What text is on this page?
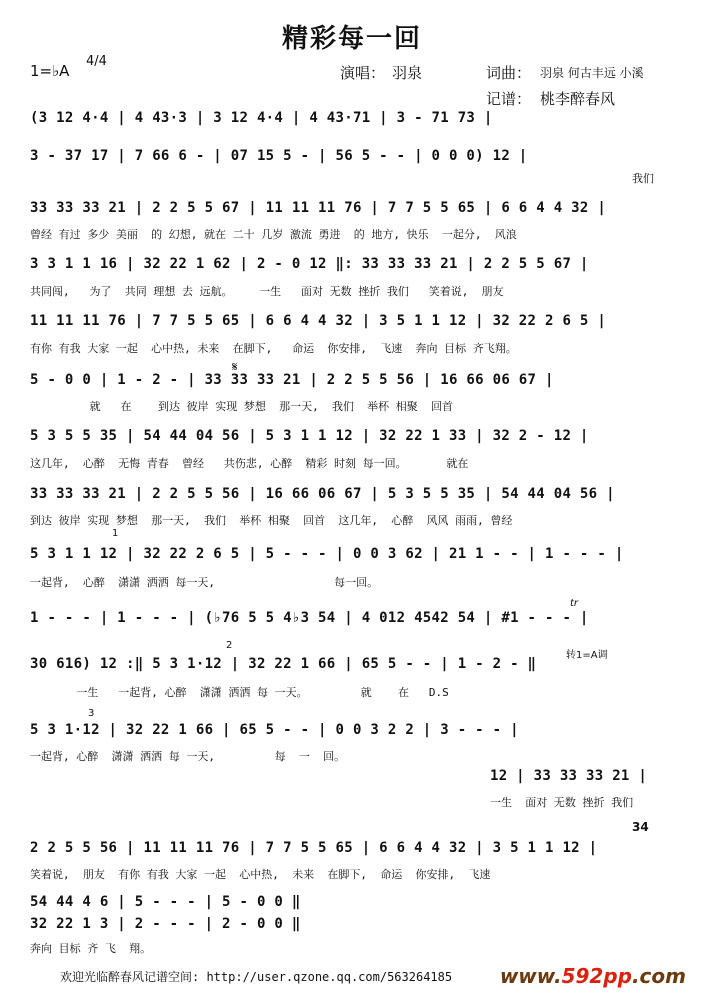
精彩每一回
1=♭A
4/4
演唱： 羽泉	词曲： 羽泉 何古丰远 小溪
记谱： 桃李醉春风
(3 12 4·4 | 4 43·3 | 3 12 4·4 | 4 43·71 | 3 - 71 73 |
3 - 37 17 | 7 66 6 - | 07 15 5 - | 56 5 - - | 0 0 0) 12 |
我们
33 33 33 21 | 2 2 5 5 67 | 11 11 11 76 | 7 7 5 5 65 | 6 6 4 4 32 |
曾经 有过 多少 美丽  的 幻想, 就在 二十 几岁 激流 勇进  的 地方, 快乐  一起分,  风浪
3 3 1 1 16 | 32 22 1 62 | 2 - 0 12 ‖: 33 33 33 21 | 2 2 5 5 67 |
共同闯,   为了  共同 理想 去 远航。    一生   面对 无数 挫折 我们   笑着说,  朋友
11 11 11 76 | 7 7 5 5 65 | 6 6 4 4 32 | 3 5 1 1 12 | 32 22 2 6 5 |
有你 有我 大家 一起  心中热, 未来  在脚下,   命运  你安排,  飞速  奔向 目标 齐飞翔。
𝄋
5 - 0 0 | 1 - 2 - | 33 33 33 21 | 2 2 5 5 56 | 16 66 06 67 |
就   在    到达 彼岸 实现 梦想  那一天,  我们  举杯 相聚  回首
5 3 5 5 35 | 54 44 04 56 | 5 3 1 1 12 | 32 22 1 33 | 32 2 - 12 |
这几年,  心醉  无悔 青春  曾经   共伤悲, 心醉  精彩 时刻 每一回。      就在
33 33 33 21 | 2 2 5 5 56 | 16 66 06 67 | 5 3 5 5 35 | 54 44 04 56 |
到达 彼岸 实现 梦想  那一天,  我们  举杯 相聚  回首  这几年,  心醉  风风 雨雨, 曾经
1
5 3 1 1 12 | 32 22 2 6 5 | 5 - - - | 0 0 3 62 | 21 1 - - | 1 - - - |
一起背,  心醉  潇潇 洒洒 每一天,                  每一回。
tr
1 - - - | 1 - - - | (♭76 5 5 4♭3 54 | 4 012 4542 54 | #1 - - - |
2
转1=A调
30 616) 12 :‖ 5 3 1·12 | 32 22 1 66 | 65 5 - - | 1 - 2 - ‖
一生   一起背, 心醉  潇潇 洒洒 每 一天。        就    在   D.S
3
5 3 1·12 | 32 22 1 66 | 65 5 - - | 0 0 3 2 2 | 3 - - - |
一起背, 心醉  潇潇 洒洒 每 一天,         每  一  回。
12 | 33 33 33 21 |
一生  面对 无数 挫折 我们
34
2 2 5 5 56 | 11 11 11 76 | 7 7 5 5 65 | 6 6 4 4 32 | 3 5 1 1 12 |
笑着说,  朋友  有你 有我 大家 一起  心中热,  未来  在脚下,  命运  你安排,  飞速
54 44 4 6 | 5 - - - | 5 - 0 0 ‖
32 22 1 3 | 2 - - - | 2 - 0 0 ‖
奔向 目标 齐 飞  翔。
欢迎光临醉春风记谱空间: http://user.qzone.qq.com/563264185 www.592pp.com
